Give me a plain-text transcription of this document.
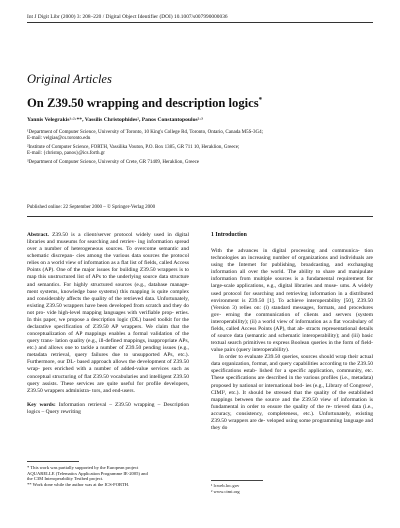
Int J Digit Libr (2000) 3: 208–220 / Digital Object Identifier (DOI) 10.1007/s007990000036
Original Articles
On Z39.50 wrapping and description logics*
Yannis Velegrakis¹·²·**, Vassilis Christophides², Panos Constantopoulos²·³
¹Department of Computer Science, University of Toronto, 10 King's College Rd, Toronto, Ontario, Canada M5S-3G4;
E-mail: velgias@cs.toronto.edu
²Institute of Computer Science, FORTH, Vassilika Vouton, P.O. Box 1385, GR 711 10, Heraklion, Greece;
E-mail: {christop, panos}@ics.forth.gr
³Department of Computer Science, University of Crete, GR 71409, Heraklion, Greece
Published online: 22 September 2000 – © Springer-Verlag 2000

Abstract. Z39.50 is a client/server protocol widely used in digital libraries and museums for searching and retriev- ing information spread over a number of heterogeneous sources. To overcome semantic and schematic discrepan- cies among the various data sources the protocol relies on a world view of information as a flat list of fields, called Access Points (AP). One of the major issues for building Z39.50 wrappers is to map this unstructured list of APs to the underlying source data structure and semantics. For highly structured sources (e.g., database manage- ment systems, knowledge base systems) this mapping is quite complex and considerably affects the quality of the retrieved data. Unfortunately, existing Z39.50 wrappers have been developed from scratch and they do not pro- vide high-level mapping languages with verifiable prop- erties. In this paper, we propose a description logic (DL) based toolkit for the declarative specification of Z39.50 AP wrappers. We claim that the conceptualization of AP mappings enables a formal validation of the query trans- lation quality (e.g., ill-defined mappings, inappropriate APs, etc.) and allows one to tackle a number of Z39.50 pending issues (e.g., metadata retrieval, query failures due to unsupported APs, etc.). Furthermore, our DL- based approach allows the development of Z39.50 wrap- pers enriched with a number of added-value services such as conceptual structuring of flat Z39.50 vocabularies and intelligent Z39.50 query assists. These services are quite useful for profile developers, Z39.50 wrappers administra- tors, and end-users.

Key words: Information retrieval – Z39.50 wrapping – Description logics – Query rewriting

* This work was partially supported by the European project
AQUARELLE (Telematics Application Programme IE-2005) and
the C3M Interoperability Testbed project.
** Work done while the author was at the ICS-FORTH.

1 Introduction

With the advances in digital processing and communica- tion technologies an increasing number of organizations and individuals are using the Internet for publishing, broadcasting, and exchanging information all over the world. The ability to share and manipulate information from multiple sources is a fundamental requirement for large-scale applications, e.g., digital libraries and muse- ums. A widely used protocol for searching and retrieving information in a distributed environment is Z39.50 [1]. To achieve interoperability [50], Z39.50 (Version 3) relies on: (i) standard messages, formats, and procedures gov- erning the communication of clients and servers (system interoperability); (ii) a world view of information as a flat vocabulary of fields, called Access Points (AP), that ab- stracts representational details of source data (semantic and schematic interoperability); and (iii) basic textual search primitives to express Boolean queries in the form of field-value pairs (query interoperability).

In order to evaluate Z39.50 queries, sources should wrap their actual data organization, format, and query capabilities according to the Z39.50 specifications estab- lished for a specific application, community, etc. These specifications are described in the various profiles (i.e., metadata) proposed by national or international bod- ies (e.g., Library of Congress¹, CIMI², etc.). It should be stressed that the quality of the established mappings between the source and the Z39.50 view of information is fundamental in order to ensure the quality of the re- trieved data (i.e., accuracy, consistency, completeness, etc.). Unfortunately, existing Z39.50 wrappers are de- veloped using some programming language and they do

¹ lcweb.loc.gov
² www.cimi.org
